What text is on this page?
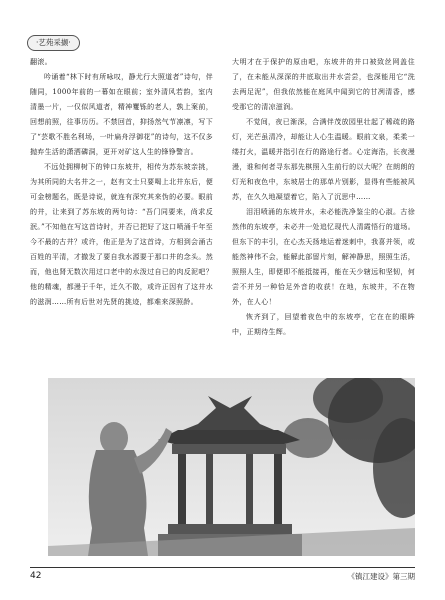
·艺苑采撷·

翻滚。

吟诵着“林下时有所咏叹，静尤行大照道者”诗句，伴随同，1000年前的一幕如在眼前；室外清风若韵，室内清墨一片，一仅似风道者，精神矍铄的老人，孰上案前，回想前照，往事历历。不禁回首，抑扬然气节凛凛，写下了“芸歌不胜名利场，一叶扁舟浮御花”的诗句，这不仅多抛弃生活的潇洒磷洞，更开对矿这人生的锋铮警言。

不远处拥柳树下的钟口东坡井，相传为苏东坡亲挑，为其所同的大名井之一，赵有文士只要喝上北井东后，便可金榜题名，既是诗说，就连有深究其来伪的必要。眼前的井，让来到了苏东坡的两句诗：“吾门同要来，尚求反泯。”不知他在写这首诗时，并否已把好了这口喷涌千年至今不最的古井？或许，他正是为了这首诗，方相到会涌古百姓的平清，才撤发了要自我水源要于那口井的念头。然而，他也肾无数次用过口老中的水泼过自已的肉反泥吧？他的精魂，都漫于千年，迁久不散，或许正因有了这井水的滋润……所有后世对先贤的挑迹，都难来深照龄。

大明才在于保护的原由吧，东坡井的井口被致丝网盖住了，在未能从深深的井底取出井水尝尝，也深能用它“洗去两足泥”，但我依然能在庭风中闻到它的甘冽清香，感受那它的清凉滋润。

不觉间，夜已渐深，合满伴茂放园里壮起了稀疏的路灯，光芒虽清冷，却能让人心生温暖。眼前文泉，柔柔一缕打火，温暖并指引在行的路途行者。心定海浩，长夜漫漫，谁和何者寻东那先棋照入生前行的以大呢？在朗朗的灯光和夜色中，东坡居士的那单片别影，显得有些能被风苏，在久久地凝望着它，陷入了沉思中……

泪泪喷涌的东坡井水，未必能洗净鉴尘的心淑。古徐然伟的东坡亭，未必井一处追忆现代人清霞悟行的道场。但东下的丰引，在心杰天扬地运着迷刺中，我喜并领，或能然神伟不会，能解此部留片刻，解神静思，照照生活，照照人生，即便即不能抵接再，能在天少辖远和坚韧，何尝不并另一种恰足外音的收获！在地，东坡井，不在物外，在人心！

恢齐到了，回望着夜色中的东坡亭，它在在的眼眸中，正期待生辉。

42	《镇江建设》第三期
